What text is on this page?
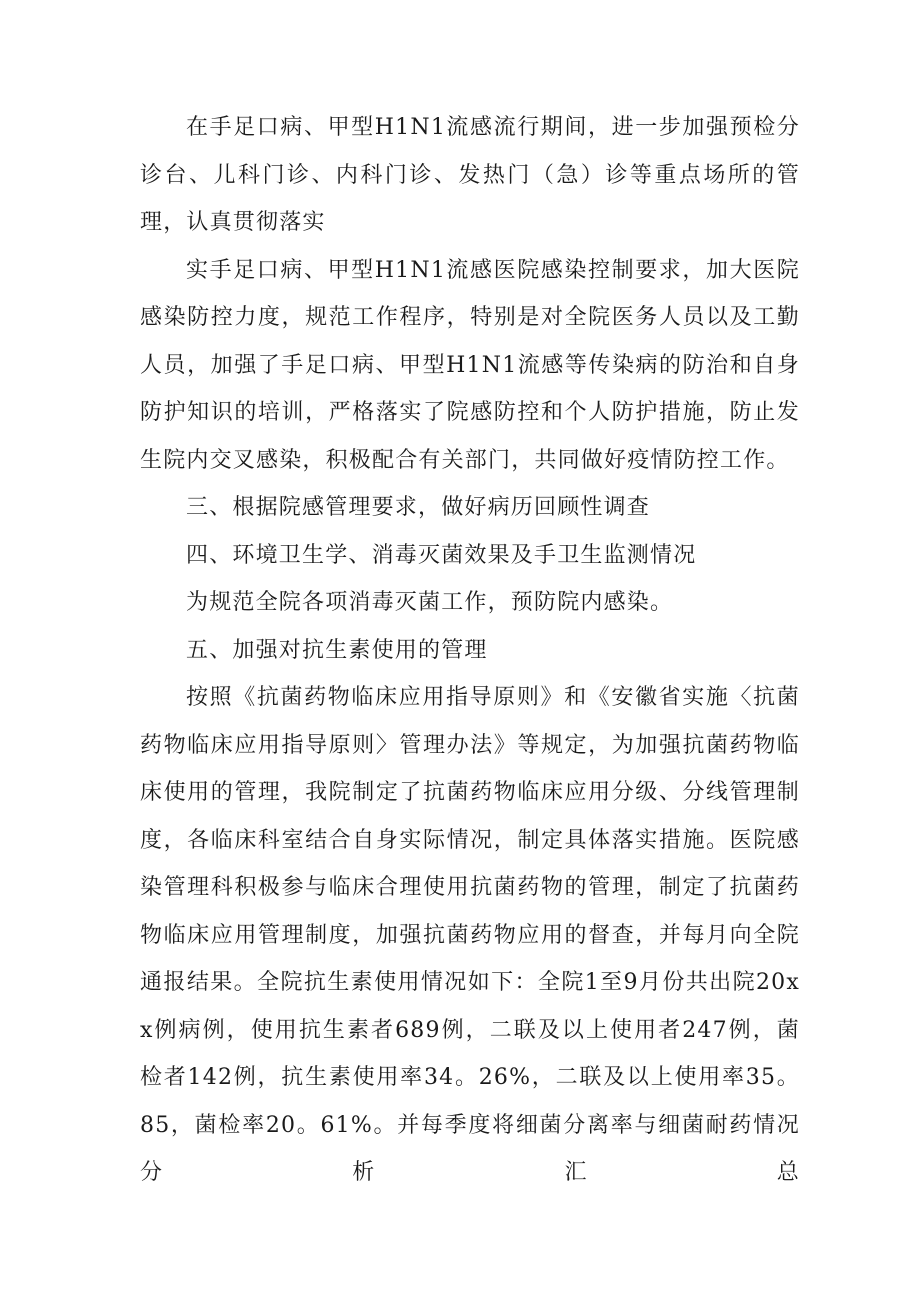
在手足口病、甲型H1N1流感流行期间，进一步加强预检分诊台、儿科门诊、内科门诊、发热门（急）诊等重点场所的管理，认真贯彻落实

实手足口病、甲型H1N1流感医院感染控制要求，加大医院感染防控力度，规范工作程序，特别是对全院医务人员以及工勤人员，加强了手足口病、甲型H1N1流感等传染病的防治和自身防护知识的培训，严格落实了院感防控和个人防护措施，防止发生院内交叉感染，积极配合有关部门，共同做好疫情防控工作。

三、根据院感管理要求，做好病历回顾性调查

四、环境卫生学、消毒灭菌效果及手卫生监测情况

为规范全院各项消毒灭菌工作，预防院内感染。

五、加强对抗生素使用的管理

按照《抗菌药物临床应用指导原则》和《安徽省实施〈抗菌药物临床应用指导原则〉管理办法》等规定，为加强抗菌药物临床使用的管理，我院制定了抗菌药物临床应用分级、分线管理制度，各临床科室结合自身实际情况，制定具体落实措施。医院感染管理科积极参与临床合理使用抗菌药物的管理，制定了抗菌药物临床应用管理制度，加强抗菌药物应用的督查，并每月向全院通报结果。全院抗生素使用情况如下：全院1至9月份共出院20xx例病例，使用抗生素者689例，二联及以上使用者247例，菌检者142例，抗生素使用率34。26%，二联及以上使用率35。85，菌检率20。61%。并每季度将细菌分离率与细菌耐药情况分析汇总
